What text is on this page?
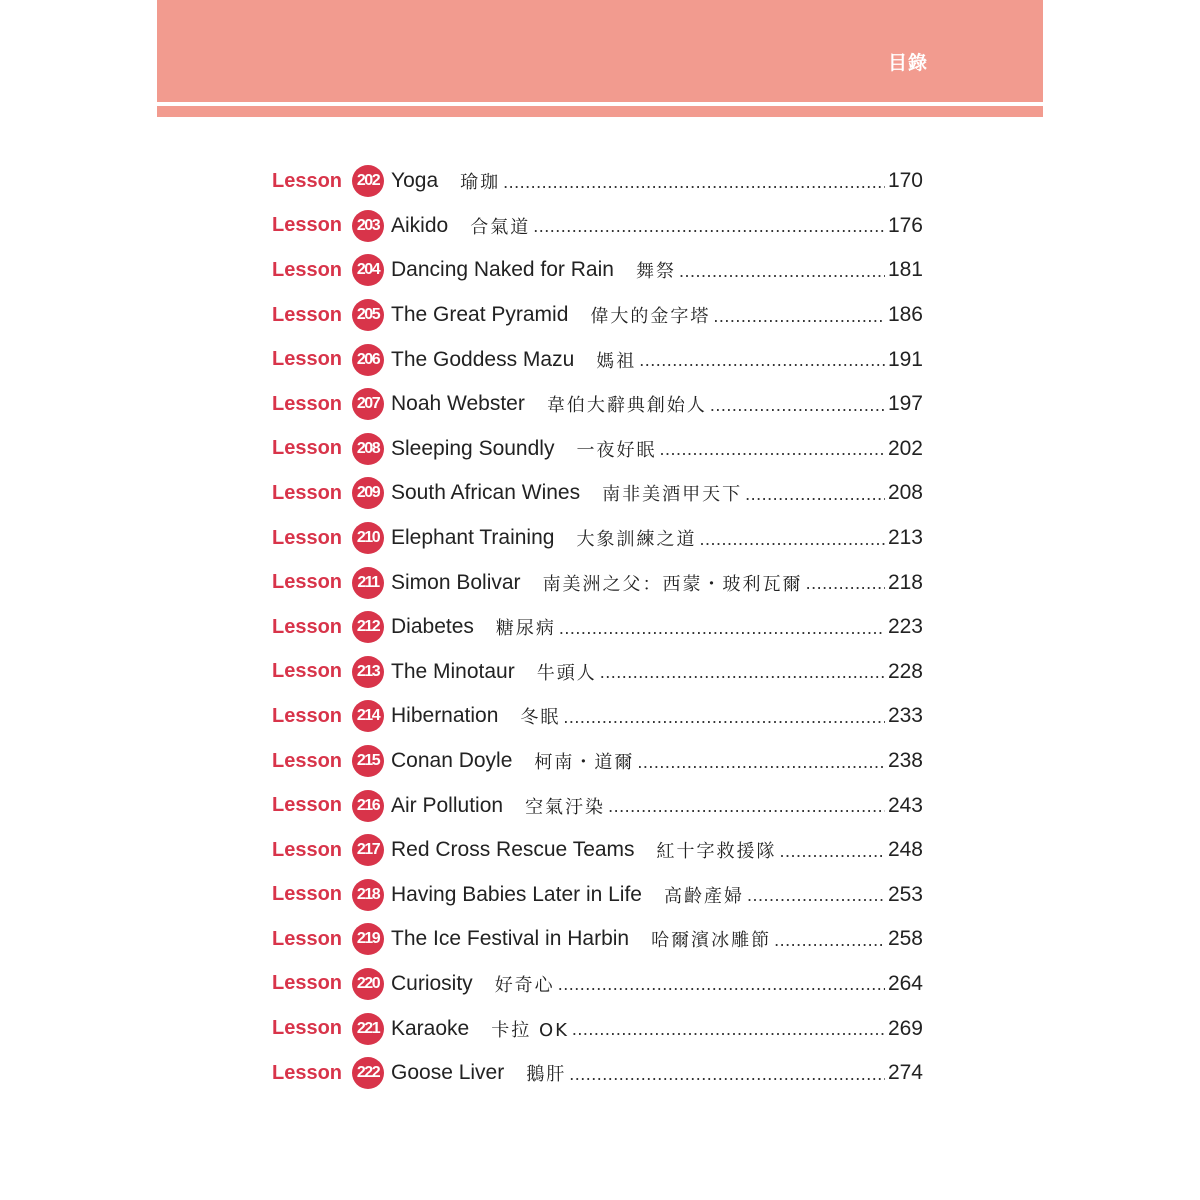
目錄
Lesson 202 Yoga 瑜珈 .....	170
Lesson 203 Aikido 合氣道 .....	176
Lesson 204 Dancing Naked for Rain 舞祭 .....	181
Lesson 205 The Great Pyramid 偉大的金字塔 .....	186
Lesson 206 The Goddess Mazu 媽祖 .....	191
Lesson 207 Noah Webster 韋伯大辭典創始人 .....	197
Lesson 208 Sleeping Soundly 一夜好眠 .....	202
Lesson 209 South African Wines 南非美酒甲天下 .....	208
Lesson 210 Elephant Training 大象訓練之道 .....	213
Lesson 211 Simon Bolivar 南美洲之父：西蒙・玻利瓦爾 .....	218
Lesson 212 Diabetes 糖尿病 .....	223
Lesson 213 The Minotaur 牛頭人 .....	228
Lesson 214 Hibernation 冬眠 .....	233
Lesson 215 Conan Doyle 柯南・道爾 .....	238
Lesson 216 Air Pollution 空氣汙染 .....	243
Lesson 217 Red Cross Rescue Teams 紅十字救援隊 .....	248
Lesson 218 Having Babies Later in Life 高齡產婦 .....	253
Lesson 219 The Ice Festival in Harbin 哈爾濱冰雕節 .....	258
Lesson 220 Curiosity 好奇心 .....	264
Lesson 221 Karaoke 卡拉 OK .....	269
Lesson 222 Goose Liver 鵝肝 .....	274
